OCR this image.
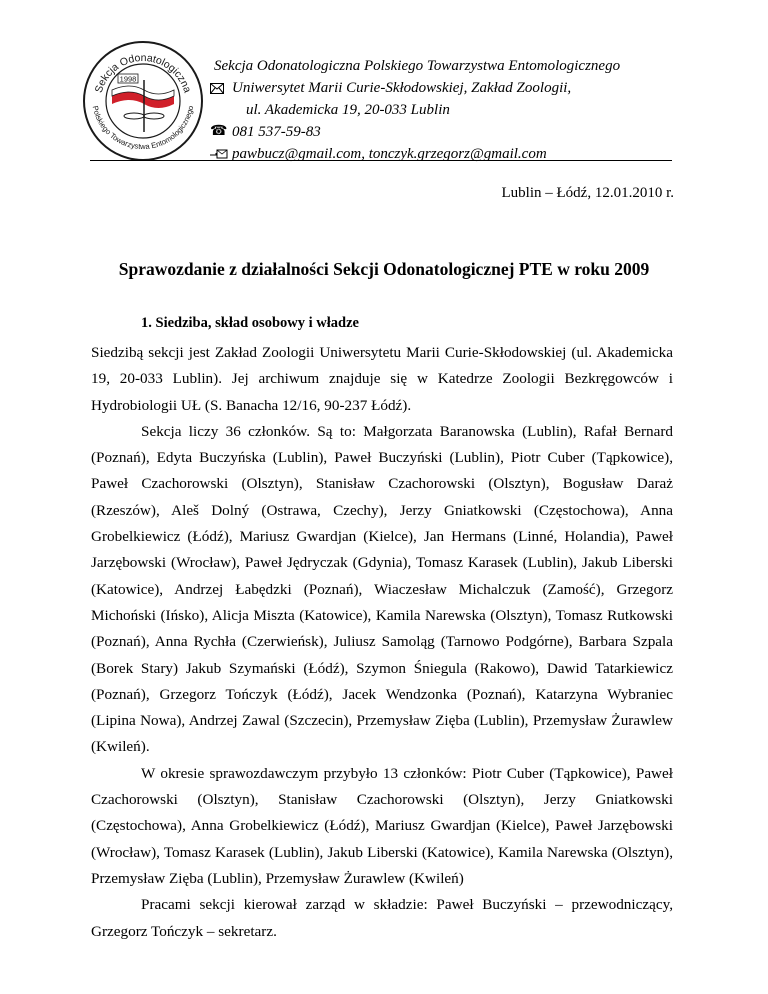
Sekcja Odonatologiczna
Polskiego Towarzystwa Entomologicznego
1998
Sekcja Odonatologiczna Polskiego Towarzystwa Entomologicznego
Uniwersytet Marii Curie-Skłodowskiej, Zakład Zoologii,
ul. Akademicka 19, 20-033 Lublin
☎ 081 537-59-83
pawbucz@gmail.com, tonczyk.grzegorz@gmail.com
Lublin – Łódź, 12.01.2010 r.
Sprawozdanie z działalności Sekcji Odonatologicznej PTE w roku 2009
1. Siedziba, skład osobowy i władze

Siedzibą sekcji jest Zakład Zoologii Uniwersytetu Marii Curie-Skłodowskiej (ul. Akademicka 19, 20-033 Lublin). Jej archiwum znajduje się w Katedrze Zoologii Bezkręgowców i Hydrobiologii UŁ (S. Banacha 12/16, 90-237 Łódź).

Sekcja liczy 36 członków. Są to: Małgorzata Baranowska (Lublin), Rafał Bernard (Poznań), Edyta Buczyńska (Lublin), Paweł Buczyński (Lublin), Piotr Cuber (Tąpkowice), Paweł Czachorowski (Olsztyn), Stanisław Czachorowski (Olsztyn), Bogusław Daraż (Rzeszów), Aleš Dolný (Ostrawa, Czechy), Jerzy Gniatkowski (Częstochowa), Anna Grobelkiewicz (Łódź), Mariusz Gwardjan (Kielce), Jan Hermans (Linné, Holandia), Paweł Jarzębowski (Wrocław), Paweł Jędryczak (Gdynia), Tomasz Karasek (Lublin), Jakub Liberski (Katowice), Andrzej Łabędzki (Poznań), Wiaczesław Michalczuk (Zamość), Grzegorz Michoński (Ińsko), Alicja Miszta (Katowice), Kamila Narewska (Olsztyn), Tomasz Rutkowski (Poznań), Anna Rychła (Czerwieńsk), Juliusz Samoląg (Tarnowo Podgórne), Barbara Szpala (Borek Stary) Jakub Szymański (Łódź), Szymon Śniegula (Rakowo), Dawid Tatarkiewicz (Poznań), Grzegorz Tończyk (Łódź), Jacek Wendzonka (Poznań), Katarzyna Wybraniec (Lipina Nowa), Andrzej Zawal (Szczecin), Przemysław Zięba (Lublin), Przemysław Żurawlew (Kwileń).

W okresie sprawozdawczym przybyło 13 członków: Piotr Cuber (Tąpkowice), Paweł Czachorowski (Olsztyn), Stanisław Czachorowski (Olsztyn), Jerzy Gniatkowski (Częstochowa), Anna Grobelkiewicz (Łódź), Mariusz Gwardjan (Kielce), Paweł Jarzębowski (Wrocław), Tomasz Karasek (Lublin), Jakub Liberski (Katowice), Kamila Narewska (Olsztyn), Przemysław Zięba (Lublin), Przemysław Żurawlew (Kwileń)

Pracami sekcji kierował zarząd w składzie: Paweł Buczyński – przewodniczący, Grzegorz Tończyk – sekretarz.
